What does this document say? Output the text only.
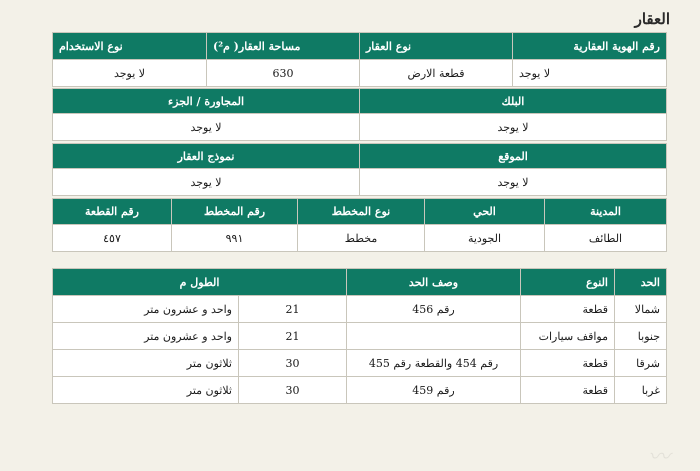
العقار
رقم الهوية العقارية	نوع العقار	مساحة العقار( م²)	نوع الاستخدام
لا يوجد	قطعة الارض	630	لا يوجد
البلك	المجاورة / الجزء
لا يوجد	لا يوجد
الموقع	نموذج العقار
لا يوجد	لا يوجد
المدينة	الحي	نوع المخطط	رقم المخطط	رقم القطعة
الطائف	الجودية	مخطط	٩٩١	٤٥٧
الحد	النوع	وصف الحد	الطول م	
شمالا	قطعة	رقم 456	21	واحد و عشرون متر
جنوبا	مواقف سيارات		21	واحد و عشرون متر
شرقا	قطعة	رقم 454 والقطعة رقم 455	30	ثلاثون متر
غربا	قطعة	رقم 459	30	ثلاثون متر
〰
